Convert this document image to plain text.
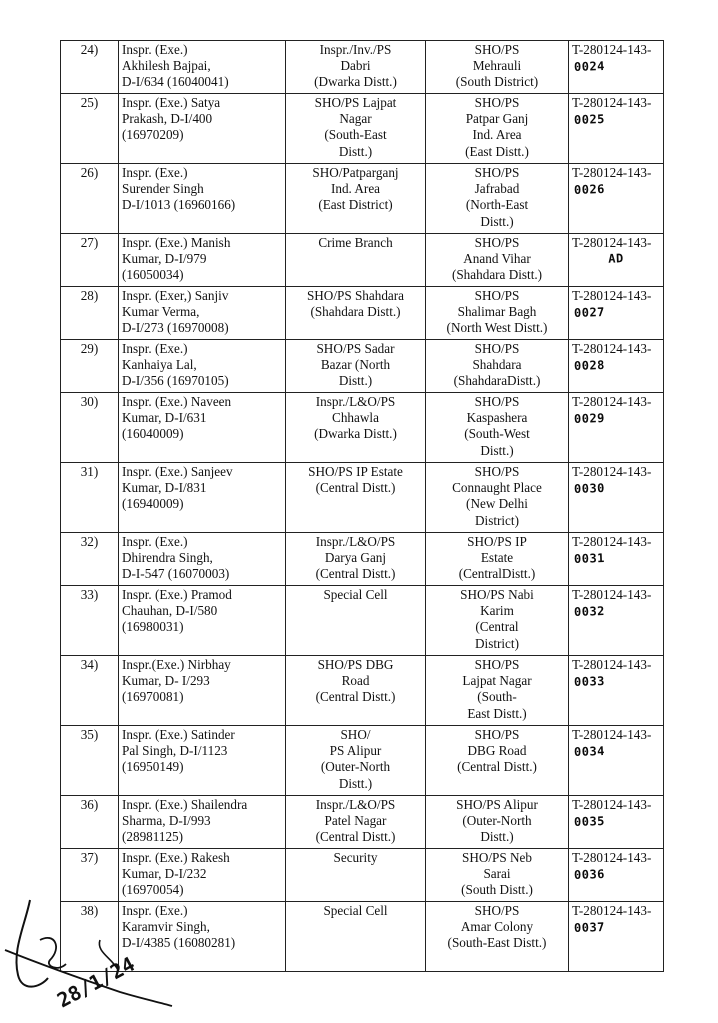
24)	Inspr. (Exe.)
Akhilesh Bajpai,
D-I/634 (16040041)	Inspr./Inv./PS
Dabri
(Dwarka Distt.)	SHO/PS
Mehrauli
(South District)	T-280124-143-
0024

25)	Inspr. (Exe.) Satya
Prakash, D-I/400
(16970209)	SHO/PS Lajpat
Nagar
(South-East
Distt.)	SHO/PS
Patpar Ganj
Ind. Area
(East Distt.)	T-280124-143-
0025

26)	Inspr. (Exe.)
Surender Singh
D-I/1013 (16960166)	SHO/Patparganj
Ind. Area
(East District)	SHO/PS
Jafrabad
(North-East
Distt.)	T-280124-143-
0026

27)	Inspr. (Exe.) Manish
Kumar, D-I/979
(16050034)	Crime Branch	SHO/PS
Anand Vihar
(Shahdara Distt.)	T-280124-143-
AD

28)	Inspr. (Exer,) Sanjiv
Kumar Verma,
D-I/273 (16970008)	SHO/PS Shahdara
(Shahdara Distt.)	SHO/PS
Shalimar Bagh
(North West Distt.)	T-280124-143-
0027

29)	Inspr. (Exe.)
Kanhaiya Lal,
D-I/356 (16970105)	SHO/PS Sadar
Bazar (North
Distt.)	SHO/PS
Shahdara
(ShahdaraDistt.)	T-280124-143-
0028

30)	Inspr. (Exe.) Naveen
Kumar, D-I/631
(16040009)	Inspr./L&O/PS
Chhawla
(Dwarka Distt.)	SHO/PS
Kaspashera
(South-West
Distt.)	T-280124-143-
0029

31)	Inspr. (Exe.) Sanjeev
Kumar, D-I/831
(16940009)	SHO/PS IP Estate
(Central Distt.)	SHO/PS
Connaught Place
(New Delhi
District)	T-280124-143-
0030

32)	Inspr. (Exe.)
Dhirendra Singh,
D-I-547 (16070003)	Inspr./L&O/PS
Darya Ganj
(Central Distt.)	SHO/PS IP
Estate
(CentralDistt.)	T-280124-143-
0031

33)	Inspr. (Exe.) Pramod
Chauhan, D-I/580
(16980031)	Special Cell	SHO/PS Nabi
Karim
(Central
District)	T-280124-143-
0032

34)	Inspr.(Exe.) Nirbhay
Kumar, D- I/293
(16970081)	SHO/PS DBG
Road
(Central Distt.)	SHO/PS
Lajpat Nagar
(South-
East Distt.)	T-280124-143-
0033

35)	Inspr. (Exe.) Satinder
Pal Singh, D-I/1123
(16950149)	SHO/
PS Alipur
(Outer-North
Distt.)	SHO/PS
DBG Road
(Central Distt.)	T-280124-143-
0034

36)	Inspr. (Exe.) Shailendra
Sharma, D-I/993
(28981125)	Inspr./L&O/PS
Patel Nagar
(Central Distt.)	SHO/PS Alipur
(Outer-North
Distt.)	T-280124-143-
0035

37)	Inspr. (Exe.) Rakesh
Kumar, D-I/232
(16970054)	Security	SHO/PS Neb
Sarai
(South Distt.)	T-280124-143-
0036

38)	Inspr. (Exe.)
Karamvir Singh,
D-I/4385 (16080281)	Special Cell	SHO/PS
Amar Colony
(South-East Distt.)	T-280124-143-
0037
28/1/24
